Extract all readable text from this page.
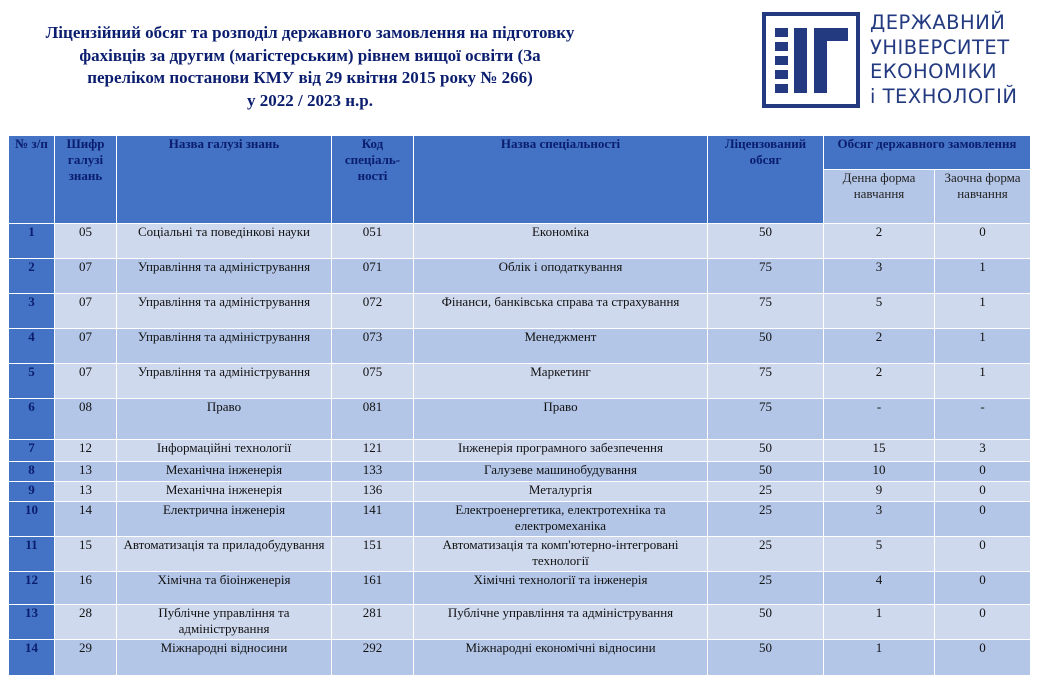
Ліцензійний обсяг та розподіл державного замовлення на підготовку
фахівців за другим (магістерським) рівнем вищої освіти (За
переліком постанови КМУ від 29 квітня 2015 року № 266)
у 2022 / 2023 н.р.
ДЕРЖАВНИЙ
УНІВЕРСИТЕТ
ЕКОНОМІКИ
і ТЕХНОЛОГІЙ
№ з/п	Шифр галузі знань	Назва галузі знань	Код спеціаль-ності	Назва спеціальності	Ліцензований обсяг	Обсяг державного замовлення	
						Денна форма навчання	Заочна форма навчання
1	05	Соціальні та поведінкові науки	051	Економіка	50	2	0
2	07	Управління та адміністрування	071	Облік і оподаткування	75	3	1
3	07	Управління та адміністрування	072	Фінанси, банківська справа та страхування	75	5	1
4	07	Управління та адміністрування	073	Менеджмент	50	2	1
5	07	Управління та адміністрування	075	Маркетинг	75	2	1
6	08	Право	081	Право	75	-	-
7	12	Інформаційні технології	121	Інженерія програмного забезпечення	50	15	3
8	13	Механічна інженерія	133	Галузеве машинобудування	50	10	0
9	13	Механічна інженерія	136	Металургія	25	9	0
10	14	Електрична інженерія	141	Електроенергетика, електротехніка та електромеханіка	25	3	0
11	15	Автоматизація та приладобудування	151	Автоматизація та комп'ютерно-інтегровані технології	25	5	0
12	16	Хімічна та біоінженерія	161	Хімічні технології та інженерія	25	4	0
13	28	Публічне управління та адміністрування	281	Публічне управління та адміністрування	50	1	0
14	29	Міжнародні відносини	292	Міжнародні економічні відносини	50	1	0
